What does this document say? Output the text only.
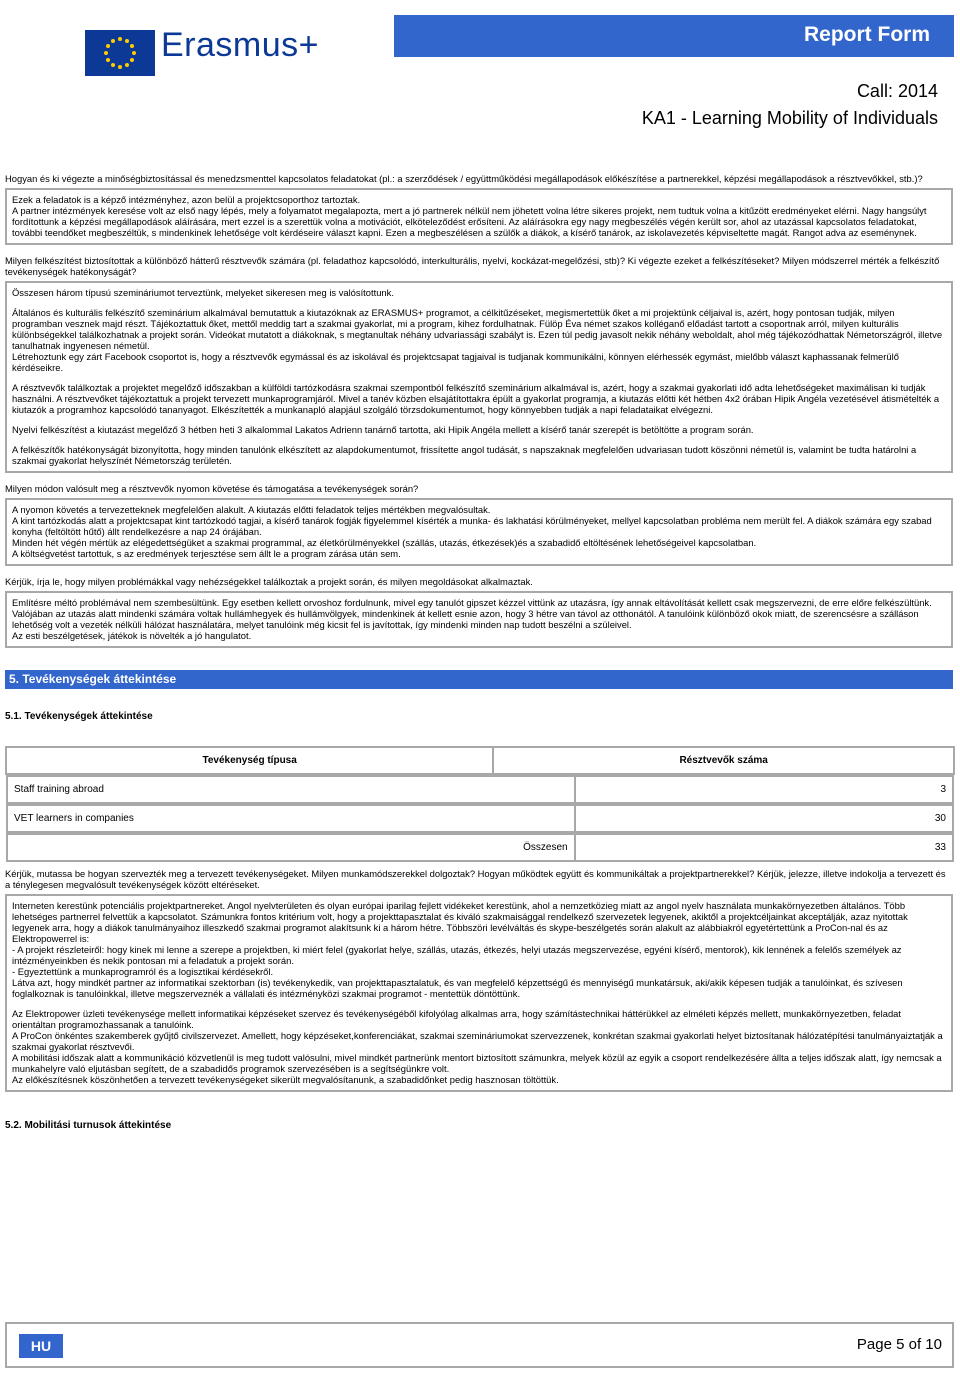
Erasmus+	Report Form
Call: 2014
KA1 - Learning Mobility of Individuals
Hogyan és ki végezte a minőségbiztosítással és menedzsmenttel kapcsolatos feladatokat (pl.: a szerződések / együttműködési megállapodások előkészítése a partnerekkel, képzési megállapodások a résztvevőkkel, stb.)?

Ezek a feladatok is a képző intézményhez, azon belül a projektcsoporthoz tartoztak.

A partner intézmények keresése volt az első nagy lépés, mely a folyamatot megalapozta, mert a jó partnerek nélkül nem jöhetett volna létre sikeres projekt, nem tudtuk volna a kitűzött eredményeket elérni. Nagy hangsúlyt fordítottunk a képzési megállapodások aláírására, mert ezzel is a szerettük volna a motivációt, elköteleződést erősíteni. Az aláírásokra egy nagy megbeszélés végén került sor, ahol az utazással kapcsolatos feladatokat, további teendőket megbeszéltük, s mindenkinek lehetősége volt kérdéseire választ kapni. Ezen a megbeszélésen a szülők a diákok, a kísérő tanárok, az iskolavezetés képviseltette magát. Rangot adva az eseménynek.

Milyen felkészítést biztosítottak a különböző hátterű résztvevők számára (pl. feladathoz kapcsolódó, interkulturális, nyelvi, kockázat-megelőzési, stb)? Ki végezte ezeket a felkészítéseket? Milyen módszerrel mérték a felkészítő tevékenységek hatékonyságát?

Összesen három típusú szemináriumot terveztünk, melyeket sikeresen meg is valósítottunk.

Általános és kulturális felkészítő szeminárium alkalmával bemutattuk a kiutazóknak az ERASMUS+ programot, a célkitűzéseket, megismertettük őket a mi projektünk céljaival is, azért, hogy pontosan tudják, milyen programban vesznek majd részt. Tájékoztattuk őket, mettől meddig tart a szakmai gyakorlat, mi a program, kihez fordulhatnak. Fülöp Éva német szakos kolléganő előadást tartott a csoportnak arról, milyen kulturális különbségekkel találkozhatnak a projekt során. Videókat mutatott a diákoknak, s megtanultak néhány udvariassági szabályt is. Ezen túl pedig javasolt nekik néhány weboldalt, ahol még tájékozódhattak Németországról, illetve tanulhatnak ingyenesen németül.

Létrehoztunk egy zárt Facebook csoportot is, hogy a résztvevők egymással és az iskolával és projektcsapat tagjaival is tudjanak kommunikálni, könnyen elérhessék egymást, mielőbb választ kaphassanak felmerülő kérdéseikre.

A résztvevők találkoztak a projektet megelőző időszakban a külföldi tartózkodásra szakmai szempontból felkészítő szeminárium alkalmával is, azért, hogy a szakmai gyakorlati idő adta lehetőségeket maximálisan ki tudják használni. A résztvevőket tájékoztattuk a projekt tervezett munkaprogramjáról. Mivel a tanév közben elsajátítottakra épült a gyakorlat programja, a kiutazás előtti két hétben 4x2 órában Hipik Angéla vezetésével átismételték a kiutazók a programhoz kapcsolódó tananyagot. Elkészítették a munkanapló alapjául szolgáló törzsdokumentumot, hogy könnyebben tudják a napi feladataikat elvégezni.

Nyelvi felkészítést a kiutazást megelőző 3 hétben heti 3 alkalommal Lakatos Adrienn tanárnő tartotta, aki Hipik Angéla mellett a kísérő tanár szerepét is betöltötte a program során.

A felkészítők hatékonyságát bizonyította, hogy minden tanulónk elkészített az alapdokumentumot, frissítette angol tudását, s napszaknak megfelelően udvariasan tudott köszönni németül is, valamint be tudta határolni a szakmai gyakorlat helyszínét Németország területén.

Milyen módon valósult meg a résztvevők nyomon követése és támogatása a tevékenységek során?

A nyomon követés a tervezetteknek megfelelően alakult. A kiutazás előtti feladatok teljes mértékben megvalósultak.

A kint tartózkodás alatt a projektcsapat kint tartózkodó tagjai, a kísérő tanárok fogják figyelemmel kísérték a munka- és lakhatási körülményeket, mellyel kapcsolatban probléma nem merült fel. A diákok számára egy szabad konyha (feltöltött hűtő) állt rendelkezésre a nap 24 órájában.

Minden hét végén mértük az elégedettségüket a szakmai programmal, az életkörülményekkel (szállás, utazás, étkezések)és a szabadidő eltöltésének lehetőségeivel kapcsolatban.

A költségvetést tartottuk, s az eredmények terjesztése sem állt le a program zárása után sem.

Kérjük, írja le, hogy milyen problémákkal vagy nehézségekkel találkoztak a projekt során, és milyen megoldásokat alkalmaztak.

Említésre méltó problémával nem szembesültünk. Egy esetben kellett orvoshoz fordulnunk, mivel egy tanulót gipszet kézzel vittünk az utazásra, így annak eltávolítását kellett csak megszervezni, de erre előre felkészültünk. Valójában az utazás alatt mindenki számára voltak hullámhegyek és hullámvölgyek, mindenkinek át kellett esnie azon, hogy 3 hétre van távol az otthonától. A tanulóink különböző okok miatt, de szerencsésre a szálláson lehetőség volt a vezeték nélküli hálózat használatára, melyet tanulóink még kicsit fel is javítottak, így mindenki minden nap tudott beszélni a szüleivel.

Az esti beszélgetések, játékok is növelték a jó hangulatot.

5. Tevékenységek áttekintése
5.1. Tevékenységek áttekintése
Tevékenység típusa	Résztvevők száma

Staff training abroad	3

VET learners in companies	30

Összesen	33
Kérjük, mutassa be hogyan szervezték meg a tervezett tevékenységeket. Milyen munkamódszerekkel dolgoztak? Hogyan működtek együtt és kommunikáltak a projektpartnerekkel? Kérjük, jelezze, illetve indokolja a tervezett és a ténylegesen megvalósult tevékenységek között eltéréseket.

Interneten kerestünk potenciális projektpartnereket. Angol nyelvterületen és olyan európai iparilag fejlett vidékeket kerestünk, ahol a nemzetközieg miatt az angol nyelv használata munkakörnyezetben általános. Több lehetséges partnerrel felvettük a kapcsolatot. Számunkra fontos kritérium volt, hogy a projekttapasztalat és kiváló szakmaisággal rendelkező szervezetek legyenek, akiktől a projektcéljainkat akceptálják, azaz nyitottak legyenek arra, hogy a diákok tanulmányaihoz illeszkedő szakmai programot alakítsunk ki a három hétre. Többszöri levélváltás és skype-beszélgetés során alakult az alábbiakról egyetértettünk a ProCon-nal és az Elektropowerrel is:

- A projekt részleteiről: hogy kinek mi lenne a szerepe a projektben, ki miért felel (gyakorlat helye, szállás, utazás, étkezés, helyi utazás megszervezése, egyéni kísérő, mentorok), kik lennének a felelős személyek az intézményeinkben és nekik pontosan mi a feladatuk a projekt során.

- Egyeztettünk a munkaprogramról és a logisztikai kérdésekről.

Látva azt, hogy mindkét partner az informatikai szektorban (is) tevékenykedik, van projekttapasztalatuk, és van megfelelő képzettségű és mennyiségű munkatársuk, aki/akik képesen tudják a tanulóinkat, és szívesen foglalkoznak is tanulóinkkal, illetve megszerveznék a vállalati és intézményközi szakmai programot - mentettük döntöttünk.

Az Elektropower üzleti tevékenysége mellett informatikai képzéseket szervez és tevékenységéből kifolyólag alkalmas arra, hogy számítástechnikai háttérükkel az elméleti képzés mellett, munkakörnyezetben, feladat orientáltan programozhassanak a tanulóink.

A ProCon önkéntes szakemberek gyűjtő civilszervezet. Amellett, hogy képzéseket,konferenciákat, szakmai szemináriumokat szervezzenek, konkrétan szakmai gyakorlati helyet biztosítanak hálózatépítési tanulmányaiztatják a szakmai gyakorlat résztvevői.

A mobilitási időszak alatt a kommunikáció közvetlenül is meg tudott valósulni, mivel mindkét partnerünk mentort biztosított számunkra, melyek közül az egyik a csoport rendelkezésére állta a teljes időszak alatt, így nemcsak a munkahelyre való eljutásban segített, de a szabadidős programok szervezésében is a segítségünkre volt.

Az előkészítésnek köszönhetően a tervezett tevékenységeket sikerült megvalósítanunk, a szabadidőnket pedig hasznosan töltöttük.

5.2. Mobilitási turnusok áttekintése
HU	Page 5 of 10
